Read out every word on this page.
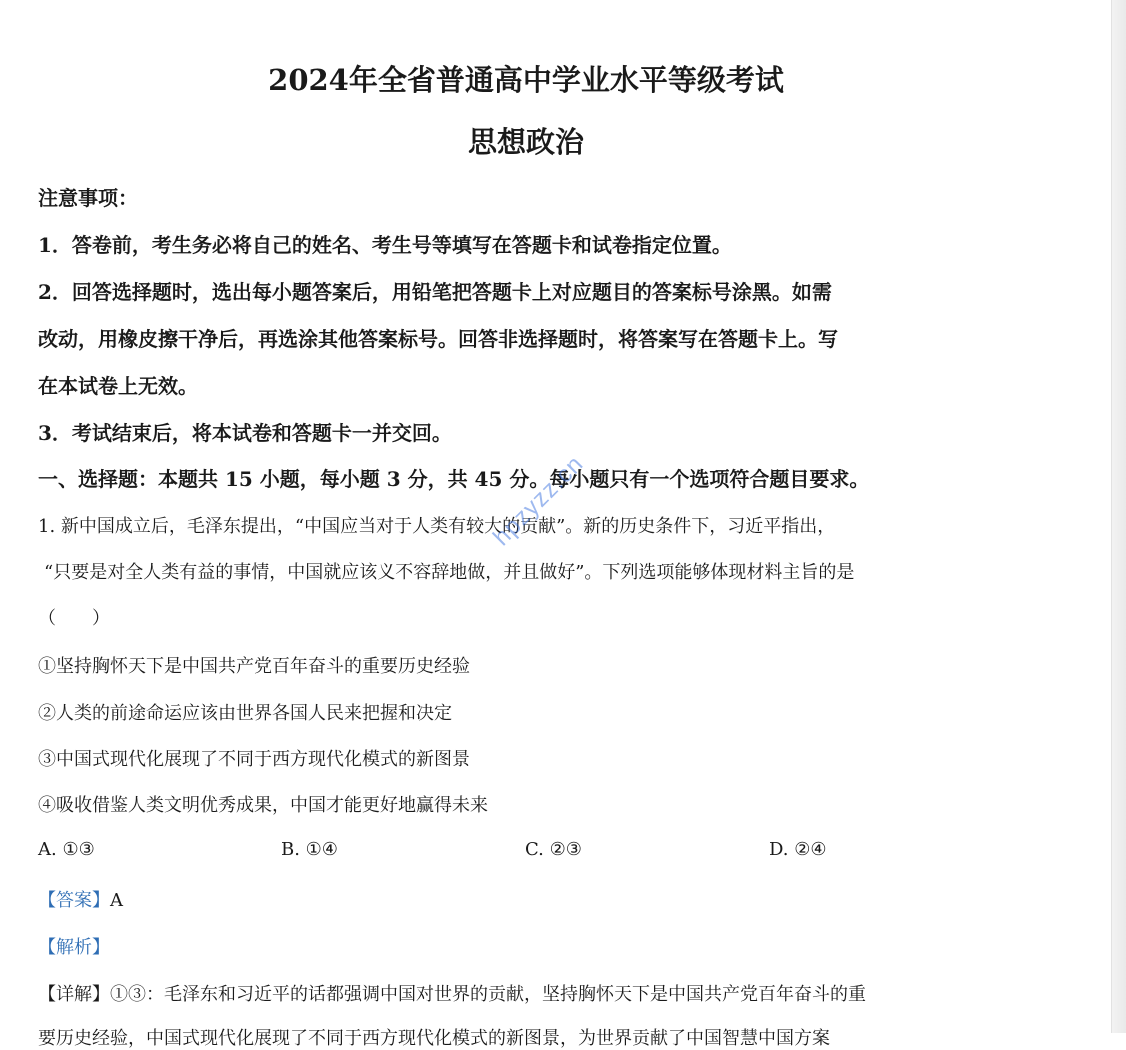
2024年全省普通高中学业水平等级考试
思想政治
注意事项：
1．答卷前，考生务必将自己的姓名、考生号等填写在答题卡和试卷指定位置。
2．回答选择题时，选出每小题答案后，用铅笔把答题卡上对应题目的答案标号涂黑。如需
改动，用橡皮擦干净后，再选涂其他答案标号。回答非选择题时，将答案写在答题卡上。写
在本试卷上无效。
3．考试结束后，将本试卷和答题卡一并交回。
一、选择题：本题共 15 小题，每小题 3 分，共 45 分。每小题只有一个选项符合题目要求。
1. 新中国成立后，毛泽东提出，“中国应当对于人类有较大的贡献”。新的历史条件下，习近平指出，
“只要是对全人类有益的事情，中国就应该义不容辞地做，并且做好”。下列选项能够体现材料主旨的是
（　　）
①坚持胸怀天下是中国共产党百年奋斗的重要历史经验
②人类的前途命运应该由世界各国人民来把握和决定
③中国式现代化展现了不同于西方现代化模式的新图景
④吸收借鉴人类文明优秀成果，中国才能更好地赢得未来
A. ①③	B. ①④	C. ②③	D. ②④
【答案】A
【解析】
【详解】①③：毛泽东和习近平的话都强调中国对世界的贡献，坚持胸怀天下是中国共产党百年奋斗的重
要历史经验，中国式现代化展现了不同于西方现代化模式的新图景，为世界贡献了中国智慧中国方案
hpzyzz.cn
